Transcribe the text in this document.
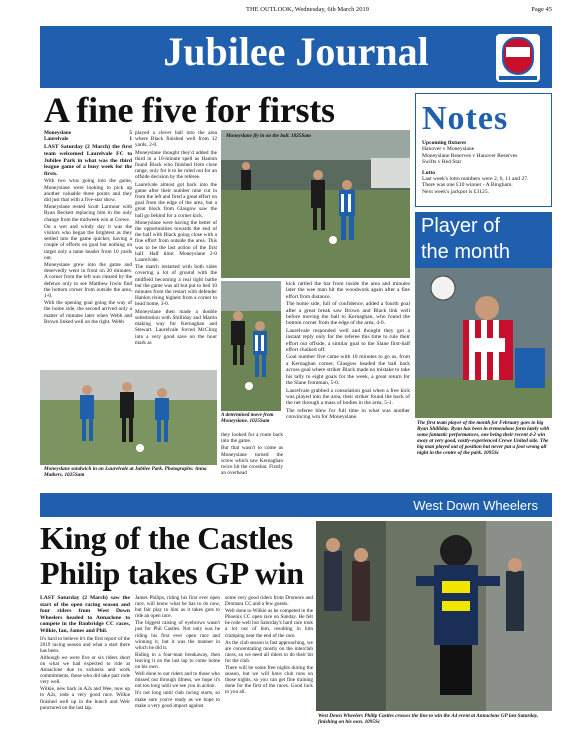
THE OUTLOOK, Wednesday, 6th March 2019	Page 45
Jubilee Journal
A fine five for firsts
Moneyslane	5
Laurelvale	1

LAST Saturday (2 March) the first team welcomed Laurelvale FC to Jubilee Park in what was the third league game of a busy week for the firsts.

With two wins going into the game, Moneyslane were looking to pick up another valuable three points and they did just that with a five-star show.

Moneyslane rested Scott Larmour with Ryan Beckett replacing him in the only change from the midweek win at Crewe.

On a wet and windy day it was the visitors who began the brightest as they settled into the game quicker, having a couple of efforts on goal but nothing on target only a tame header from 10 yards out.

Moneyslane grew into the game and deservedly went in front on 20 minutes. A corner from the left was cleared by the defence only to see Matthew Irwin find the bottom corner from outside the area, 1-0.

With the opening goal going the way of the home side, the second arrived only a matter of minutes later when Webb and Brown linked well on the right. Webb

played a clever ball into the area where Black finished well from 12 yards, 2-0.

Moneyslane thought they'd added the third in a 10-minute spell as Hanlon found Black who finished from close range, only for it to be ruled out for an offside decision by the referee.

Laurelvale almost got back into the game after their number nine cut in from the left and fired a great effort on goal from the edge of the area, but a great block from Glasgow saw the ball go behind for a corner kick.

Moneyslane were having the better of the opportunities towards the end of the half with Black going close with a fine effort from outside the area. This was to be the last action of the first half. Half time: Moneyslane 2-0 Laurelvale.

The match restarted with both sides covering a lot of ground with the midfield becoming a real tight battle but the game was all but put to bed 10 minutes from the restart with defender Hanlon rising highest from a corner to head home, 3-0.

Moneyslane then made a double substitution with Shilliday and Martin making way for Kernaghan and Stewart. Laurelvale forced McClurg into a very good save on the hour mark as

Moneyslane fly in on the ball. 1025Sam
Moneyslane sandwich in on Laurelvale at Jubilee Park. Photographs: Anna Mathers. 1025Sam
A determined move from Moneyslane. 1025Sam

they looked for a route back into the game.

But that wasn't to come as Moneyslane turned the screw which saw Kernaghan twice hit the crossbar. Firstly an overhead

kick rattled the bar from inside the area and minutes later the wee man hit the woodwork again after a fine effort from distance.

The home side, full of confidence, added a fourth goal after a great break saw Brown and Black link well before moving the ball to Kernaghan, who found the bottom corner from the edge of the area, 4-0.

Laurelvale responded well and thought they got a instant reply only for the referee this time to rule their effort out offside, a similar goal to the Slane first-half effort chalked off.

Goal number five came with 10 minutes to go as, from a Kernaghan corner, Glasgow headed the ball back across goal where striker Black made no mistake to take his tally to eight goals for the week, a great return for the Slane frontman, 5-0.

Laurelvale grabbed a consolation goal when a free kick was played into the area, their striker found the back of the net through a mass of bodies in the area, 5-1.

The referee blew for full time in what was another convincing win for Moneyslane.

Notes
Upcoming fixtures
Hanover v Moneyslane
Moneyslane Reserves v Hanover Reserves
Swifts v Red Star
Lotto
Last week's lotto numbers were 2, 6, 11 and 27.
There was one £10 winner - A Bingham.
Next week's jackpot is £3125.
Player of
the month
The first team player of the month for February goes to big Ryan Shilliday. Ryan has been in tremendous form lately with some fantastic performances, one being their recent 4-2 win away at very good, vastly-experienced Crewe United side. The big man played out of position but never put a foot wrong all night in the centre of the park. 1095Sc
West Down Wheelers
King of the Castles
Philip takes GP win

LAST Saturday (2 March) saw the start of the open racing season and four riders from West Down Wheelers headed to Annaclone to compete in the Banbridge CC races, Wilkie, Ian, James and Phil.

It's hard to believe it's the first report of the 2019 racing season and what a start there has been.

Although we were five or six riders short on what we had expected to ride at Annaclone due to sickness and work commitments, those who did take part rode very well.

Wilkie, new back in A2s and Wee, now up to A2s, rode a very good race. Wilkie finished well up in the bunch and Weir punctured on the last lap.

James Philips, riding his first ever open race, will know what he has to do now, but fair play to him as it takes guts to ride an open race.

The biggest raising of eyebrows wasn't just for Phil Castles. Not only was he riding his first ever open race and winning it, but it was the manner in which he did it.

Riding in a four-man breakaway, then leaving it on the last lap to come home on his own.

Well done to our riders and to those who missed out through illness, we hope it's not too long until we see you in action.

It's not long until club racing starts, so make sure you're ready as we hope to make a very good impact against

some very good riders from Dromore and Dromara CC and a few guests.

Well done to Wilkie as he competed in the Phoenix CC open race on Sunday. He felt he rode well but Saturday's hard race took a lot out of him, resulting in him cramping near the end of the race.

As the club season is fast approaching, we are concentrating mostly on the interclub races, so we need all riders to do their bit for the club.

There will be some free nights during the season, but we will have club runs on those nights, so you can get fine training done for the first of the races. Good luck to you all.

West Down Wheelers Philip Castles crosses the line to win the A4 event at Annaclone GP last Saturday, finishing on his own. 1095Sc
